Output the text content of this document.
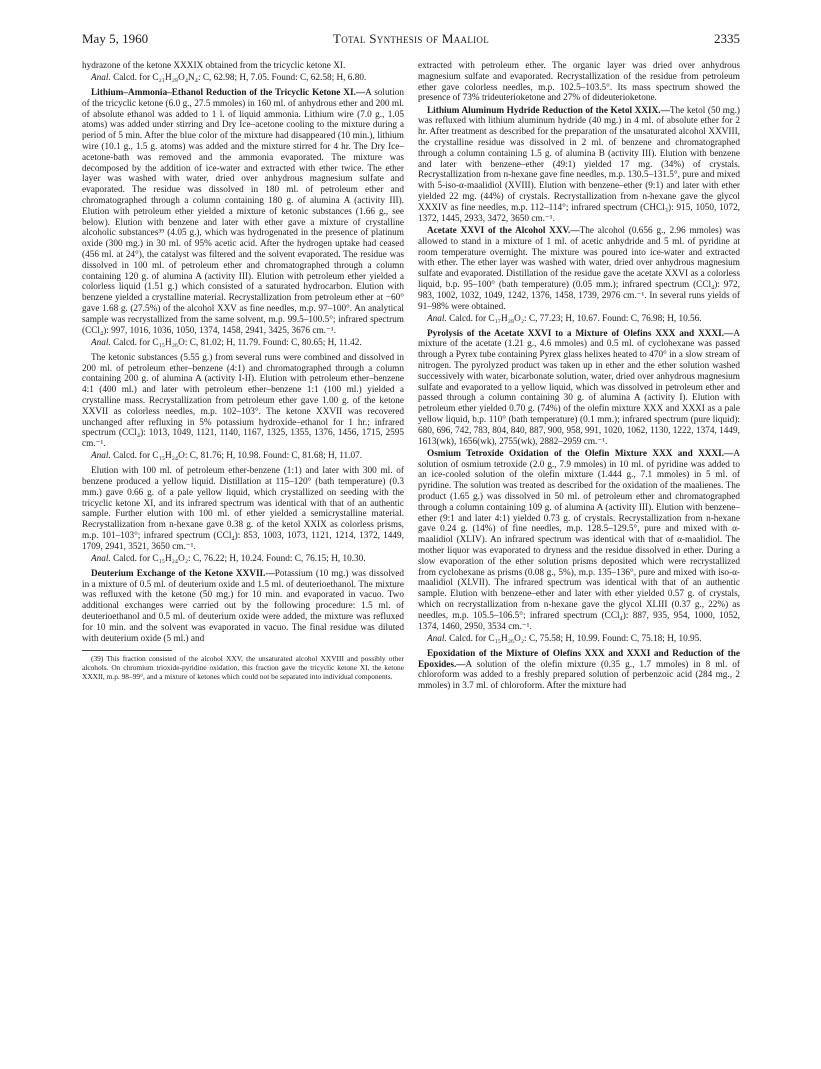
May 5, 1960	Total Synthesis of Maaliol	2335

hydrazone of the ketone XXXIX obtained from the tricyclic ketone XI.

Anal. Calcd. for C₂₁H₂₈O₄N₄: C, 62.98; H, 7.05. Found: C, 62.58; H, 6.80.

Lithium–Ammonia–Ethanol Reduction of the Tricyclic Ketone XI.—A solution of the tricyclic ketone (6.0 g., 27.5 mmoles) in 160 ml. of anhydrous ether and 200 ml. of absolute ethanol was added to 1 l. of liquid ammonia. Lithium wire (7.0 g., 1.05 atoms) was added under stirring and Dry Ice–acetone cooling to the mixture during a period of 5 min. After the blue color of the mixture had disappeared (10 min.), lithium wire (10.1 g., 1.5 g. atoms) was added and the mixture stirred for 4 hr. The Dry Ice–acetone-bath was removed and the ammonia evaporated. The mixture was decomposed by the addition of ice-water and extracted with ether twice. The ether layer was washed with water, dried over anhydrous magnesium sulfate and evaporated. The residue was dissolved in 180 ml. of petroleum ether and chromatographed through a column containing 180 g. of alumina A (activity III). Elution with petroleum ether yielded a mixture of ketonic substances (1.66 g., see below). Elution with benzene and later with ether gave a mixture of crystalline alcoholic substances³⁹ (4.05 g.), which was hydrogenated in the presence of platinum oxide (300 mg.) in 30 ml. of 95% acetic acid. After the hydrogen uptake had ceased (456 ml. at 24°), the catalyst was filtered and the solvent evaporated. The residue was dissolved in 100 ml. of petroleum ether and chromatographed through a column containing 120 g. of alumina A (activity III). Elution with petroleum ether yielded a colorless liquid (1.51 g.) which consisted of a saturated hydrocarbon. Elution with benzene yielded a crystalline material. Recrystallization from petroleum ether at −60° gave 1.68 g. (27.5%) of the alcohol XXV as fine needles, m.p. 97–100°. An analytical sample was recrystallized from the same solvent, m.p. 99.5–100.5°; infrared spectrum (CCl₄): 997, 1016, 1036, 1050, 1374, 1458, 2941, 3425, 3676 cm.⁻¹.

Anal. Calcd. for C₁₅H₂₆O: C, 81.02; H, 11.79. Found: C, 80.65; H, 11.42.

The ketonic substances (5.55 g.) from several runs were combined and dissolved in 200 ml. of petroleum ether–benzene (4:1) and chromatographed through a column containing 200 g. of alumina A (activity I-II). Elution with petroleum ether–benzene 4:1 (400 ml.) and later with petroleum ether–benzene 1:1 (100 ml.) yielded a crystalline mass. Recrystallization from petroleum ether gave 1.00 g. of the ketone XXVII as colorless needles, m.p. 102–103°. The ketone XXVII was recovered unchanged after refluxing in 5% potassium hydroxide–ethanol for 1 hr.; infrared spectrum (CCl₄): 1013, 1049, 1121, 1140, 1167, 1325, 1355, 1376, 1456, 1715, 2595 cm.⁻¹.

Anal. Calcd. for C₁₅H₂₄O: C, 81.76; H, 10.98. Found: C, 81.68; H, 11.07.

Elution with 100 ml. of petroleum ether-benzene (1:1) and later with 300 ml. of benzene produced a yellow liquid. Distillation at 115–120° (bath temperature) (0.3 mm.) gave 0.66 g. of a pale yellow liquid, which crystallized on seeding with the tricyclic ketone XI, and its infrared spectrum was identical with that of an authentic sample. Further elution with 100 ml. of ether yielded a semicrystalline material. Recrystallization from n-hexane gave 0.38 g. of the ketol XXIX as colorless prisms, m.p. 101–103°; infrared spectrum (CCl₄): 853, 1003, 1073, 1121, 1214, 1372, 1449, 1709, 2941, 3521, 3650 cm.⁻¹.

Anal. Calcd. for C₁₅H₂₄O₂: C, 76.22; H, 10.24. Found: C, 76.15; H, 10.30.

Deuterium Exchange of the Ketone XXVII.—Potassium (10 mg.) was dissolved in a mixture of 0.5 ml. of deuterium oxide and 1.5 ml. of deuterioethanol. The mixture was refluxed with the ketone (50 mg.) for 10 min. and evaporated in vacuo. Two additional exchanges were carried out by the following procedure: 1.5 ml. of deuterioethanol and 0.5 ml. of deuterium oxide were added, the mixture was refluxed for 10 min. and the solvent was evaporated in vacuo. The final residue was diluted with deuterium oxide (5 ml.) and

(39) This fraction consisted of the alcohol XXV, the unsaturated alcohol XXVIII and possibly other alcohols. On chromium trioxide-pyridine oxidation, this fraction gave the tricyclic ketone XI, the ketone XXXII, m.p. 98–99°, and a mixture of ketones which could not be separated into individual components.

extracted with petroleum ether. The organic layer was dried over anhydrous magnesium sulfate and evaporated. Recrystallization of the residue from petroleum ether gave colorless needles, m.p. 102.5–103.5°. Its mass spectrum showed the presence of 73% trideuterioketone and 27% of dideuterioketone.

Lithium Aluminum Hydride Reduction of the Ketol XXIX.—The ketol (50 mg.) was refluxed with lithium aluminum hydride (40 mg.) in 4 ml. of absolute ether for 2 hr. After treatment as described for the preparation of the unsaturated alcohol XXVIII, the crystalline residue was dissolved in 2 ml. of benzene and chromatographed through a column containing 1.5 g. of alumina B (activity III). Elution with benzene and later with benzene–ether (49:1) yielded 17 mg. (34%) of crystals. Recrystallization from n-hexane gave fine needles, m.p. 130.5–131.5°, pure and mixed with 5-iso-α-maalidiol (XVIII). Elution with benzene–ether (9:1) and later with ether yielded 22 mg. (44%) of crystals. Recrystallization from n-hexane gave the glycol XXXIV as fine needles, m.p. 112–114°; infrared spectrum (CHCl₃): 915, 1050, 1072, 1372, 1445, 2933, 3472, 3650 cm.⁻¹.

Acetate XXVI of the Alcohol XXV.—The alcohol (0.656 g., 2.96 mmoles) was allowed to stand in a mixture of 1 ml. of acetic anhydride and 5 ml. of pyridine at room temperature overnight. The mixture was poured into ice-water and extracted with ether. The ether layer was washed with water, dried over anhydrous magnesium sulfate and evaporated. Distillation of the residue gave the acetate XXVI as a colorless liquid, b.p. 95–100° (bath temperature) (0.05 mm.); infrared spectrum (CCl₄): 972, 983, 1002, 1032, 1049, 1242, 1376, 1458, 1739, 2976 cm.⁻¹. In several runs yields of 91–98% were obtained.

Anal. Calcd. for C₁₇H₂₈O₂: C, 77.23; H, 10.67. Found: C, 76.98; H, 10.56.

Pyrolysis of the Acetate XXVI to a Mixture of Olefins XXX and XXXI.—A mixture of the acetate (1.21 g., 4.6 mmoles) and 0.5 ml. of cyclohexane was passed through a Pyrex tube containing Pyrex glass helixes heated to 470° in a slow stream of nitrogen. The pyrolyzed product was taken up in ether and the ether solution washed successively with water, bicarbonate solution, water, dried over anhydrous magnesium sulfate and evaporated to a yellow liquid, which was dissolved in petroleum ether and passed through a column containing 30 g. of alumina A (activity I). Elution with petroleum ether yielded 0.70 g. (74%) of the olefin mixture XXX and XXXI as a pale yellow liquid, b.p. 110° (bath temperature) (0.1 mm.); infrared spectrum (pure liquid): 680, 696, 742, 783, 804, 840, 887, 900, 958, 991, 1020, 1062, 1130, 1222, 1374, 1449, 1613(wk), 1656(wk), 2755(wk), 2882–2959 cm.⁻¹.

Osmium Tetroxide Oxidation of the Olefin Mixture XXX and XXXI.—A solution of osmium tetroxide (2.0 g., 7.9 mmoles) in 10 ml. of pyridine was added to an ice-cooled solution of the olefin mixture (1.444 g., 7.1 mmoles) in 5 ml. of pyridine. The solution was treated as described for the oxidation of the maalienes. The product (1.65 g.) was dissolved in 50 ml. of petroleum ether and chromatographed through a column containing 109 g. of alumina A (activity III). Elution with benzene–ether (9:1 and later 4:1) yielded 0.73 g. of crystals. Recrystallization from n-hexane gave 0.24 g. (14%) of fine needles, m.p. 128.5–129.5°, pure and mixed with α-maalidiol (XLIV). An infrared spectrum was identical with that of α-maalidiol. The mother liquor was evaporated to dryness and the residue dissolved in ether. During a slow evaporation of the ether solution prisms deposited which were recrystallized from cyclohexane as prisms (0.08 g., 5%), m.p. 135–136°, pure and mixed with iso-α-maalidiol (XLVII). The infrared spectrum was identical with that of an authentic sample. Elution with benzene–ether and later with ether yielded 0.57 g. of crystals, which on recrystallization from n-hexane gave the glycol XLIII (0.37 g., 22%) as needles, m.p. 105.5–106.5°; infrared spectrum (CCl₄): 887, 935, 954, 1000, 1052, 1374, 1460, 2950, 3534 cm.⁻¹.

Anal. Calcd. for C₁₅H₂₆O₂: C, 75.58; H, 10.99. Found: C, 75.18; H, 10.95.

Epoxidation of the Mixture of Olefins XXX and XXXI and Reduction of the Epoxides.—A solution of the olefin mixture (0.35 g., 1.7 mmoles) in 8 ml. of chloroform was added to a freshly prepared solution of perbenzoic acid (284 mg., 2 mmoles) in 3.7 ml. of chloroform. After the mixture had
